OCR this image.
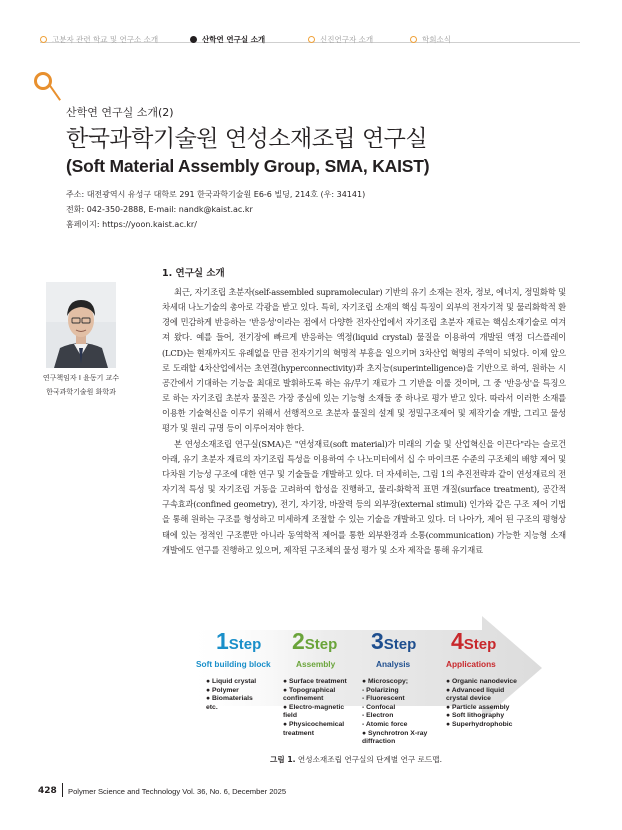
고분자 관련 학교 및 연구소 소개	산학연 연구실 소개	신진연구자 소개	학회소식
산학연 연구실 소개(2)
한국과학기술원 연성소재조립 연구실
(Soft Material Assembly Group, SMA, KAIST)
주소: 대전광역시 유성구 대학로 291 한국과학기술원 E6-6 빌딩, 214호 (우: 34141)
전화: 042-350-2888, E-mail: nandk@kaist.ac.kr
홈페이지: https://yoon.kaist.ac.kr/
연구책임자 I 윤동기 교수
한국과학기술원 화학과
1. 연구실 소개

최근, 자기조립 초분자(self-assembled supramolecular) 기반의 유기 소재는 전자, 정보, 에너지, 정밀화학 및 차세대 나노기술의 총아로 각광을 받고 있다. 특히, 자기조립 소재의 핵심 특징이 외부의 전자기적 및 물리화학적 환경에 민감하게 반응하는 '반응성'이라는 점에서 다양한 전자산업에서 자기조립 초분자 재료는 핵심소재기술로 여겨져 왔다. 예를 들어, 전기장에 빠르게 반응하는 액정(liquid crystal) 물질을 이용하여 개발된 액정 디스플레이(LCD)는 현재까지도 유례없을 만큼 전자기기의 혁명적 부흥을 일으키며 3차산업 혁명의 주역이 되었다. 이제 앞으로 도래할 4차산업에서는 초연결(hyperconnectivity)과 초지능(superintelligence)을 기반으로 하여, 원하는 시공간에서 기대하는 기능을 최대로 발휘하도록 하는 유/무기 재료가 그 기반을 이룰 것이며, 그 중 '반응성'을 특징으로 하는 자기조립 초분자 물질은 가장 중심에 있는 기능형 소재들 중 하나로 평가 받고 있다. 따라서 이러한 소재를 이용한 기술혁신을 이루기 위해서 선행적으로 초분자 물질의 설계 및 정밀구조제어 및 제작기술 개발, 그리고 물성 평가 및 원리 규명 등이 이루어져야 한다.

본 연성소재조립 연구실(SMA)은 "연성재료(soft material)가 미래의 기술 및 산업혁신을 이끈다"라는 슬로건 아래, 유기 초분자 재료의 자기조립 특성을 이용하여 수 나노미터에서 십 수 마이크론 수준의 구조체의 배향 제어 및 다차원 기능성 구조에 대한 연구 및 기술들을 개발하고 있다. 더 자세히는, 그림 1의 추진전략과 같이 연성재료의 전자기적 특성 및 자기조립 거동을 고려하여 합성을 진행하고, 물리-화학적 표면 개질(surface treatment), 공간적 구속효과(confined geometry), 전기, 자기장, 바잘력 등의 외부장(external stimuli) 인가와 같은 구조 제어 기법을 통해 원하는 구조를 형성하고 미세하게 조절할 수 있는 기술을 개발하고 있다. 더 나아가, 제어 된 구조의 평형상태에 있는 정적인 구조뿐만 아니라 동역학적 제어를 통한 외부환경과 소통(communication) 가능한 지능형 소재 개발에도 연구를 진행하고 있으며, 제작된 구조체의 물성 평가 및 소자 제작을 통해 유기재료

1Step 2Step 3Step 4Step
Soft building block	Assembly	Analysis	Applications
● Liquid crystal
● Polymer
● Biomaterials
etc.
● Surface treatment
● Topographical
confinement
● Electro-magnetic
field
● Physicochemical
treatment
● Microscopy;
- Polarizing
- Fluorescent
- Confocal
- Electron
- Atomic force
● Synchrotron X-ray
diffraction
● Organic nanodevice
● Advanced liquid
crystal device
● Particle assembly
● Soft lithography
● Superhydrophobic
그림 1. 연성소재조립 연구실의 단계별 연구 로드맵.
428 Polymer Science and Technology Vol. 36, No. 6, December 2025
